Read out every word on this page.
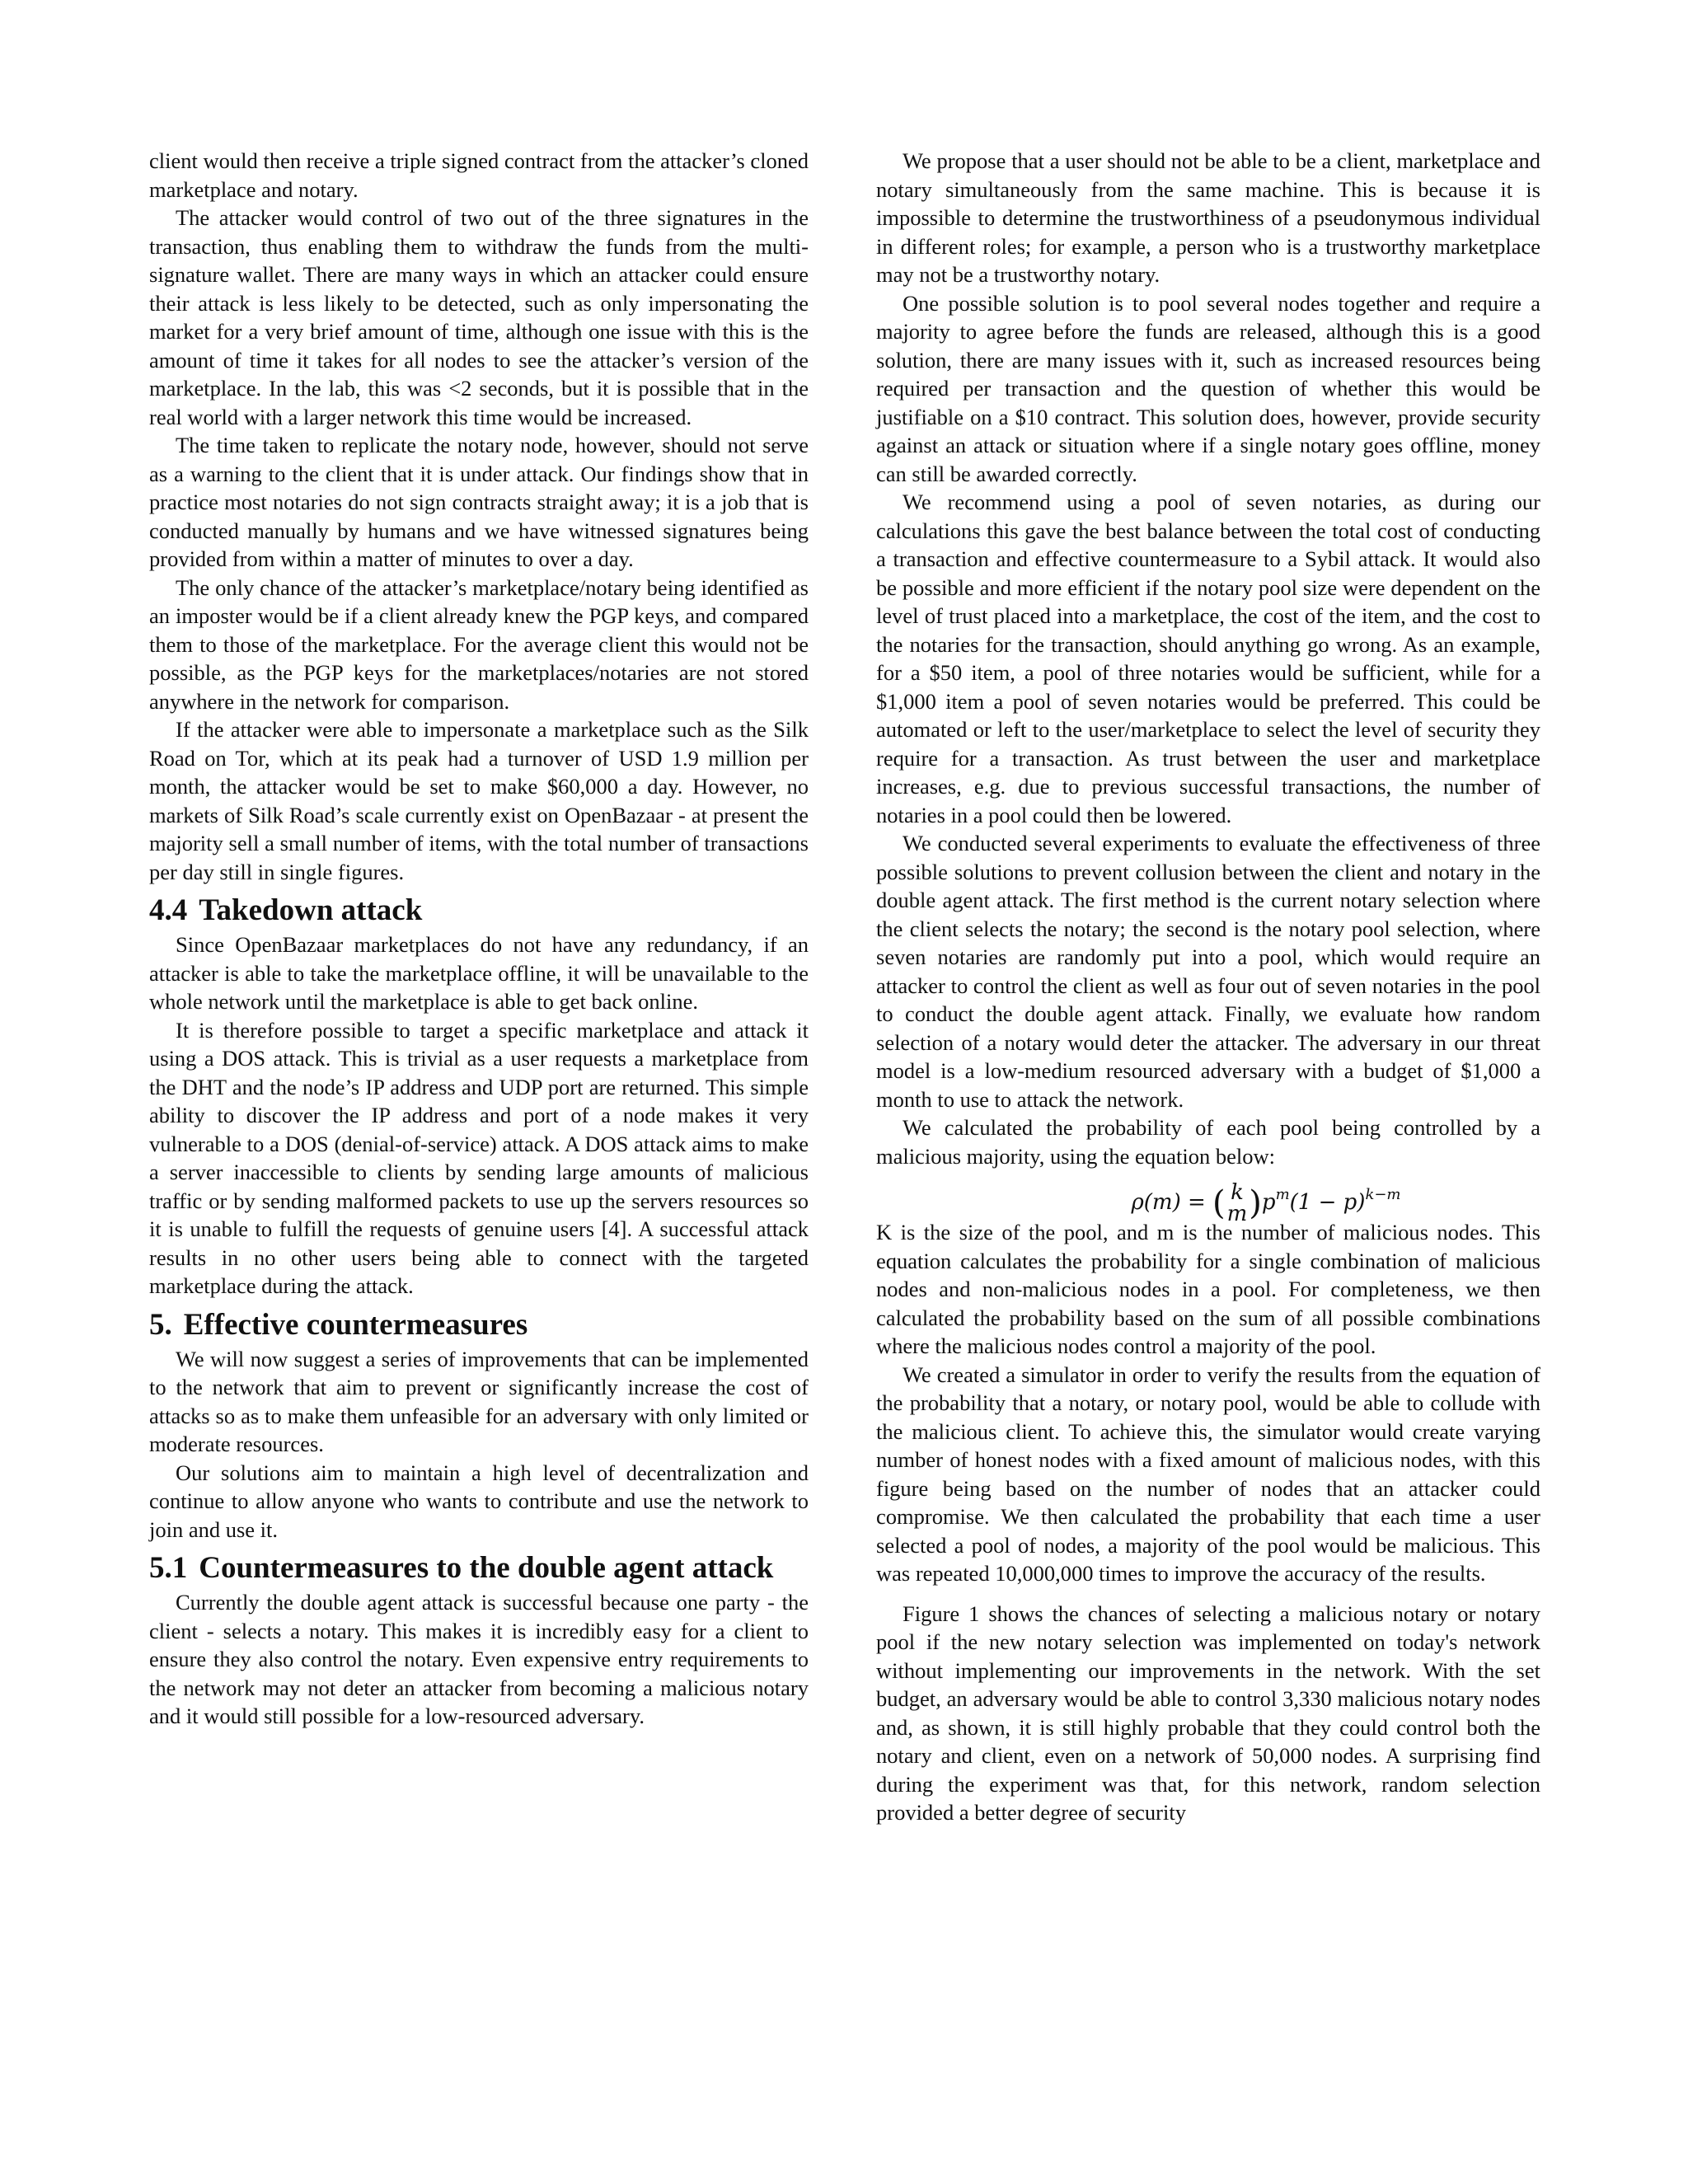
client would then receive a triple signed contract from the attacker’s cloned marketplace and notary.

The attacker would control of two out of the three signatures in the transaction, thus enabling them to withdraw the funds from the multi-signature wallet. There are many ways in which an attacker could ensure their attack is less likely to be detected, such as only impersonating the market for a very brief amount of time, although one issue with this is the amount of time it takes for all nodes to see the attacker’s version of the marketplace. In the lab, this was <2 seconds, but it is possible that in the real world with a larger network this time would be increased.

The time taken to replicate the notary node, however, should not serve as a warning to the client that it is under attack. Our findings show that in practice most notaries do not sign contracts straight away; it is a job that is conducted manually by humans and we have witnessed signatures being provided from within a matter of minutes to over a day.

The only chance of the attacker’s marketplace/notary being identified as an imposter would be if a client already knew the PGP keys, and compared them to those of the marketplace. For the average client this would not be possible, as the PGP keys for the marketplaces/notaries are not stored anywhere in the network for comparison.

If the attacker were able to impersonate a marketplace such as the Silk Road on Tor, which at its peak had a turnover of USD 1.9 million per month, the attacker would be set to make $60,000 a day. However, no markets of Silk Road’s scale currently exist on OpenBazaar - at present the majority sell a small number of items, with the total number of transactions per day still in single figures.

4.4 Takedown attack

Since OpenBazaar marketplaces do not have any redundancy, if an attacker is able to take the marketplace offline, it will be unavailable to the whole network until the marketplace is able to get back online.

It is therefore possible to target a specific marketplace and attack it using a DOS attack. This is trivial as a user requests a marketplace from the DHT and the node’s IP address and UDP port are returned. This simple ability to discover the IP address and port of a node makes it very vulnerable to a DOS (denial-of-service) attack. A DOS attack aims to make a server inaccessible to clients by sending large amounts of malicious traffic or by sending malformed packets to use up the servers resources so it is unable to fulfill the requests of genuine users [4]. A successful attack results in no other users being able to connect with the targeted marketplace during the attack.

5. Effective countermeasures

We will now suggest a series of improvements that can be implemented to the network that aim to prevent or significantly increase the cost of attacks so as to make them unfeasible for an adversary with only limited or moderate resources.

Our solutions aim to maintain a high level of decentralization and continue to allow anyone who wants to contribute and use the network to join and use it.

5.1 Countermeasures to the double agent attack

Currently the double agent attack is successful because one party - the client - selects a notary. This makes it is incredibly easy for a client to ensure they also control the notary. Even expensive entry requirements to the network may not deter an attacker from becoming a malicious notary and it would still possible for a low-resourced adversary.

We propose that a user should not be able to be a client, marketplace and notary simultaneously from the same machine. This is because it is impossible to determine the trustworthiness of a pseudonymous individual in different roles; for example, a person who is a trustworthy marketplace may not be a trustworthy notary.

One possible solution is to pool several nodes together and require a majority to agree before the funds are released, although this is a good solution, there are many issues with it, such as increased resources being required per transaction and the question of whether this would be justifiable on a $10 contract. This solution does, however, provide security against an attack or situation where if a single notary goes offline, money can still be awarded correctly.

We recommend using a pool of seven notaries, as during our calculations this gave the best balance between the total cost of conducting a transaction and effective countermeasure to a Sybil attack. It would also be possible and more efficient if the notary pool size were dependent on the level of trust placed into a marketplace, the cost of the item, and the cost to the notaries for the transaction, should anything go wrong. As an example, for a $50 item, a pool of three notaries would be sufficient, while for a $1,000 item a pool of seven notaries would be preferred. This could be automated or left to the user/marketplace to select the level of security they require for a transaction. As trust between the user and marketplace increases, e.g. due to previous successful transactions, the number of notaries in a pool could then be lowered.

We conducted several experiments to evaluate the effectiveness of three possible solutions to prevent collusion between the client and notary in the double agent attack. The first method is the current notary selection where the client selects the notary; the second is the notary pool selection, where seven notaries are randomly put into a pool, which would require an attacker to control the client as well as four out of seven notaries in the pool to conduct the double agent attack. Finally, we evaluate how random selection of a notary would deter the attacker. The adversary in our threat model is a low-medium resourced adversary with a budget of $1,000 a month to use to attack the network.

We calculated the probability of each pool being controlled by a malicious majority, using the equation below:

ρ(m) = ( k
m )$p^m(1 - p)^{k-m}$

K is the size of the pool, and m is the number of malicious nodes. This equation calculates the probability for a single combination of malicious nodes and non-malicious nodes in a pool. For completeness, we then calculated the probability based on the sum of all possible combinations where the malicious nodes control a majority of the pool.

We created a simulator in order to verify the results from the equation of the probability that a notary, or notary pool, would be able to collude with the malicious client. To achieve this, the simulator would create varying number of honest nodes with a fixed amount of malicious nodes, with this figure being based on the number of nodes that an attacker could compromise. We then calculated the probability that each time a user selected a pool of nodes, a majority of the pool would be malicious. This was repeated 10,000,000 times to improve the accuracy of the results.

Figure 1 shows the chances of selecting a malicious notary or notary pool if the new notary selection was implemented on today's network without implementing our improvements in the network. With the set budget, an adversary would be able to control 3,330 malicious notary nodes and, as shown, it is still highly probable that they could control both the notary and client, even on a network of 50,000 nodes. A surprising find during the experiment was that, for this network, random selection provided a better degree of security
